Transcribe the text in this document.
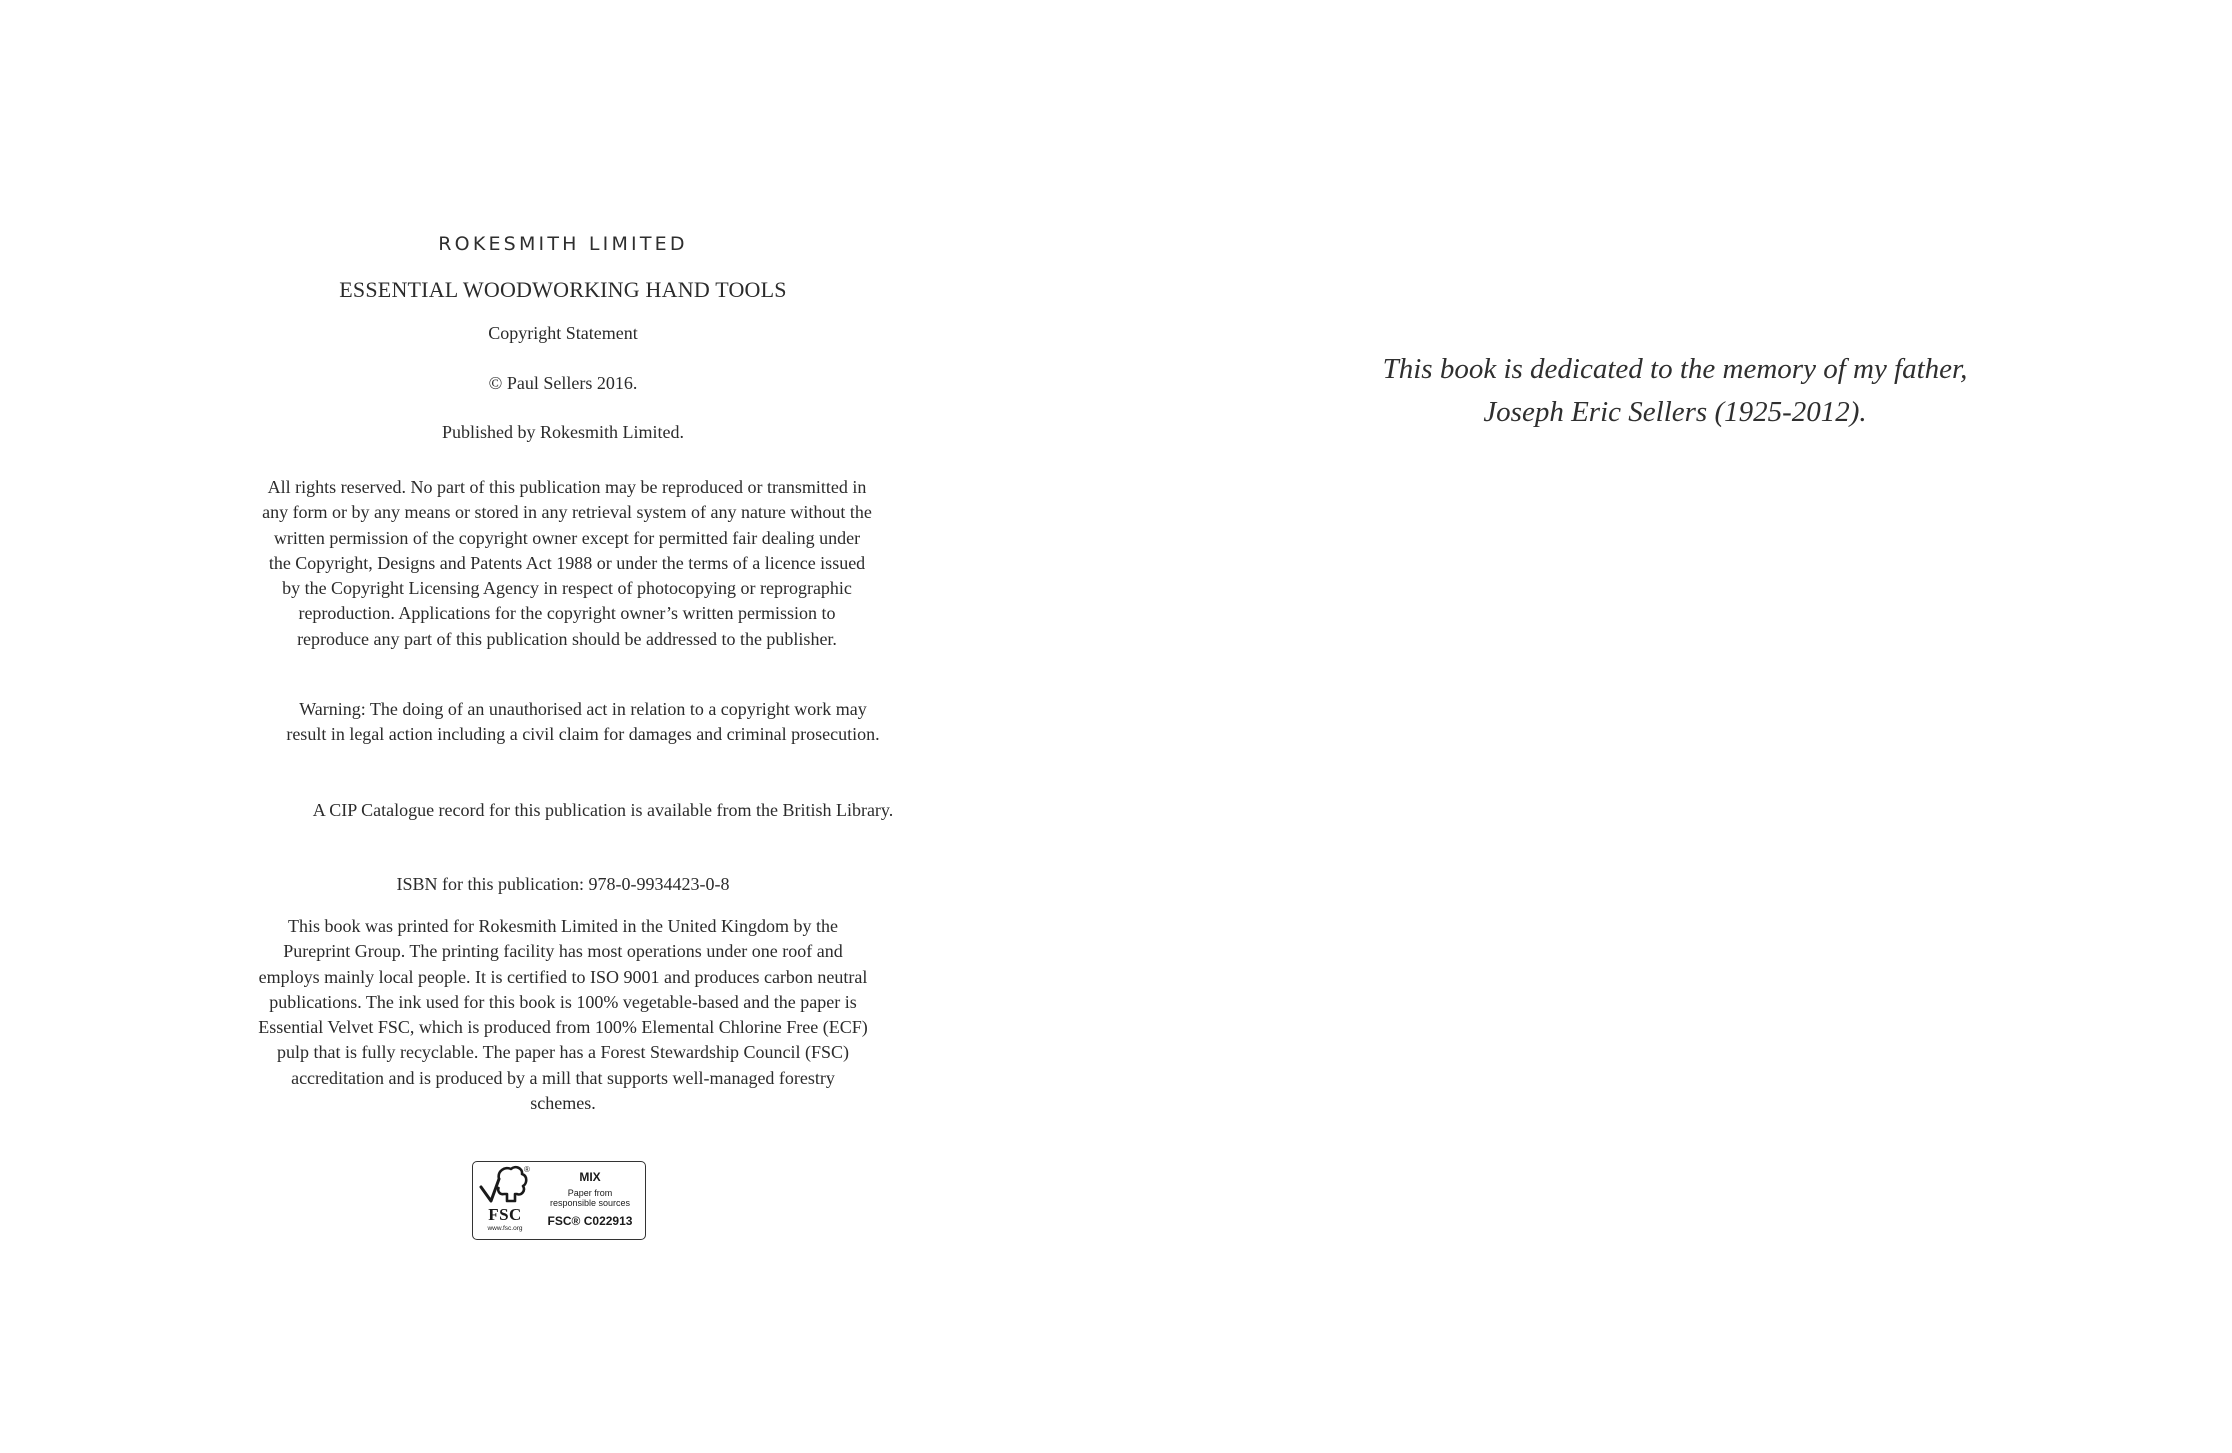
ROKESMITH LIMITED
ESSENTIAL WOODWORKING HAND TOOLS
Copyright Statement
© Paul Sellers 2016.
Published by Rokesmith Limited.
All rights reserved. No part of this publication may be reproduced or transmitted in any form or by any means or stored in any retrieval system of any nature without the written permission of the copyright owner except for permitted fair dealing under the Copyright, Designs and Patents Act 1988 or under the terms of a licence issued by the Copyright Licensing Agency in respect of photocopying or reprographic reproduction. Applications for the copyright owner’s written permission to reproduce any part of this publication should be addressed to the publisher.
Warning: The doing of an unauthorised act in relation to a copyright work may result in legal action including a civil claim for damages and criminal prosecution.
A CIP Catalogue record for this publication is available from the British Library.
ISBN for this publication: 978-0-9934423-0-8
This book was printed for Rokesmith Limited in the United Kingdom by the Pureprint Group. The printing facility has most operations under one roof and employs mainly local people. It is certified to ISO 9001 and produces carbon neutral publications. The ink used for this book is 100% vegetable-based and the paper is Essential Velvet FSC, which is produced from 100% Elemental Chlorine Free (ECF) pulp that is fully recyclable. The paper has a Forest Stewardship Council (FSC) accreditation and is produced by a mill that supports well-managed forestry schemes.
®
FSC
www.fsc.org
MIX
Paper from
responsible sources
FSC® C022913
This book is dedicated to the memory of my father,
Joseph Eric Sellers (1925-2012).
